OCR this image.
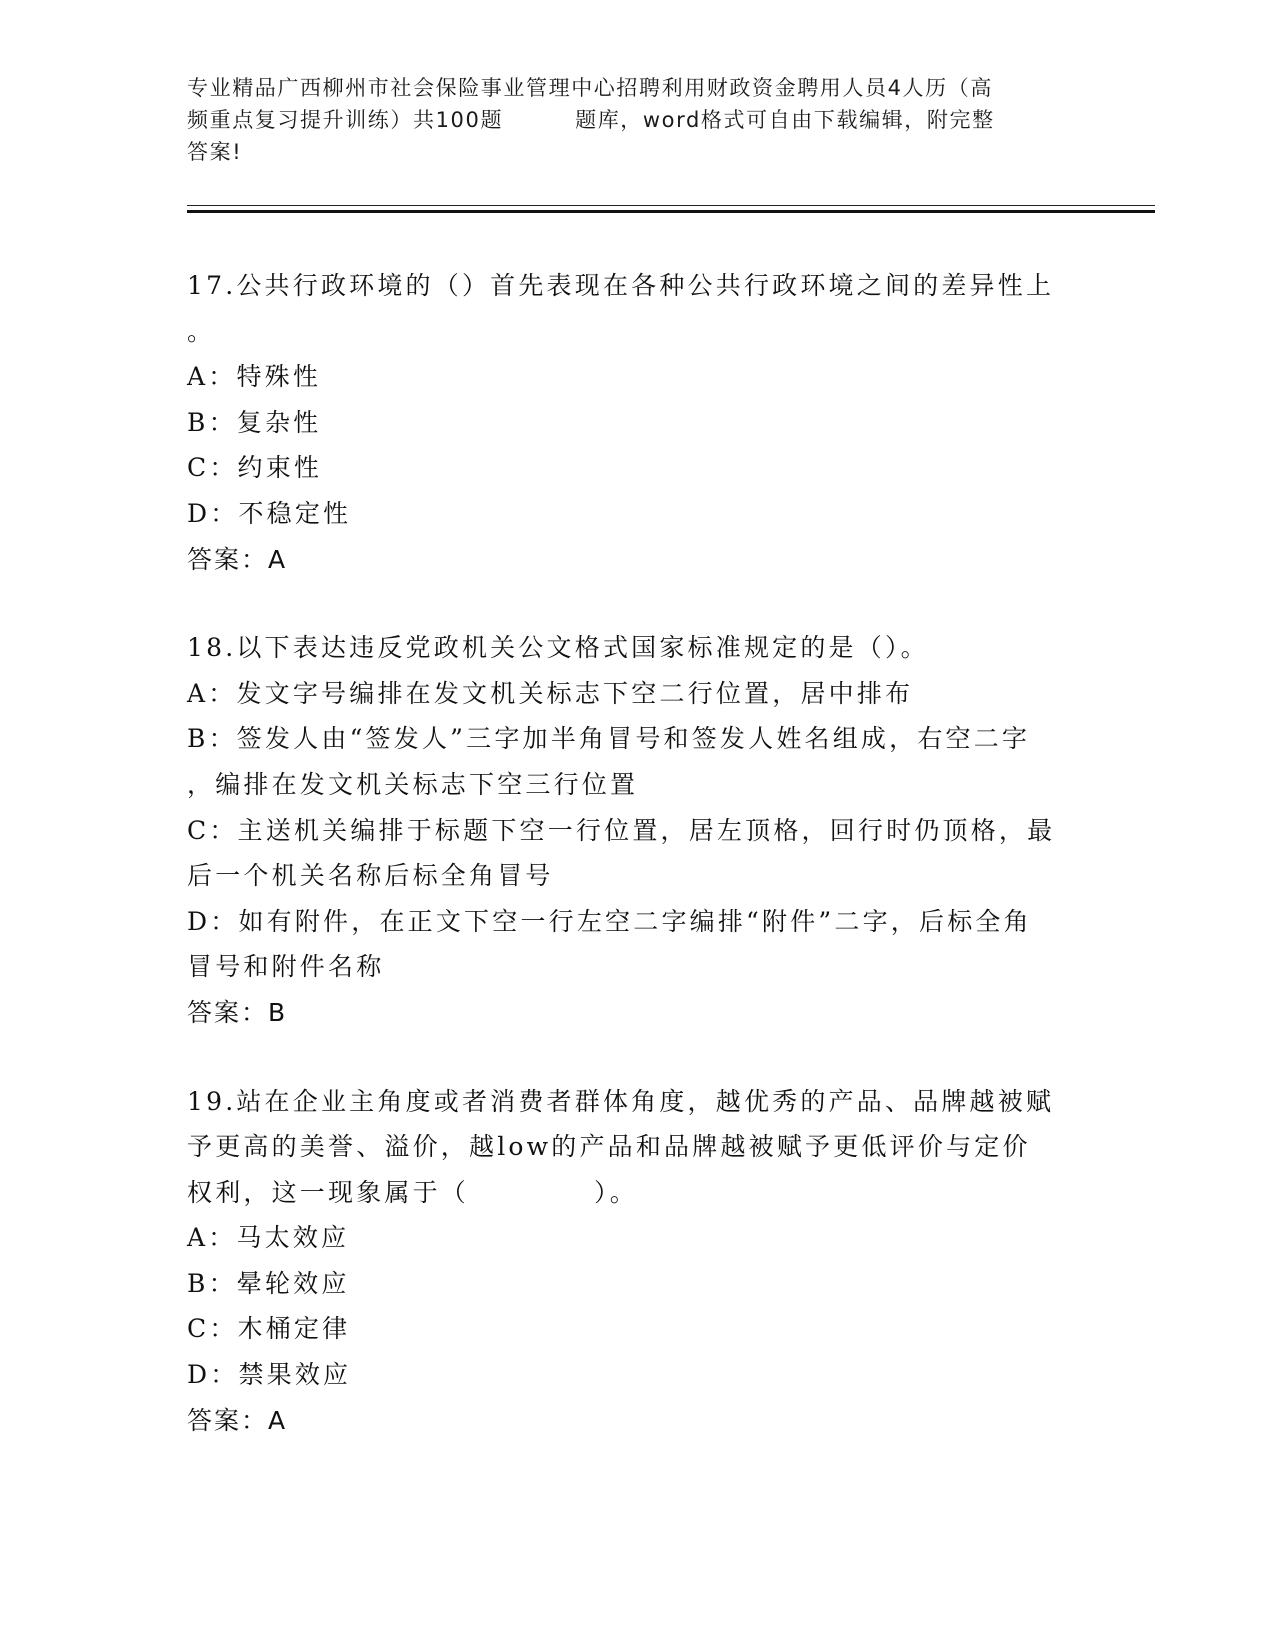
专业精品广西柳州市社会保险事业管理中心招聘利用财政资金聘用人员4人历（高
频重点复习提升训练）共100题	题库，word格式可自由下载编辑，附完整
答案!

17.公共行政环境的（）首先表现在各种公共行政环境之间的差异性上

。

A：特殊性

B：复杂性

C：约束性

D：不稳定性

答案：A

18.以下表达违反党政机关公文格式国家标准规定的是（）。

A：发文字号编排在发文机关标志下空二行位置，居中排布

B：签发人由“签发人”三字加半角冒号和签发人姓名组成，右空二字

，编排在发文机关标志下空三行位置

C：主送机关编排于标题下空一行位置，居左顶格，回行时仍顶格，最

后一个机关名称后标全角冒号

D：如有附件，在正文下空一行左空二字编排“附件”二字，后标全角

冒号和附件名称

答案：B

19.站在企业主角度或者消费者群体角度，越优秀的产品、品牌越被赋

予更高的美誉、溢价，越low的产品和品牌越被赋予更低评价与定价

权利，这一现象属于（	）。

A：马太效应

B：晕轮效应

C：木桶定律

D：禁果效应

答案：A
